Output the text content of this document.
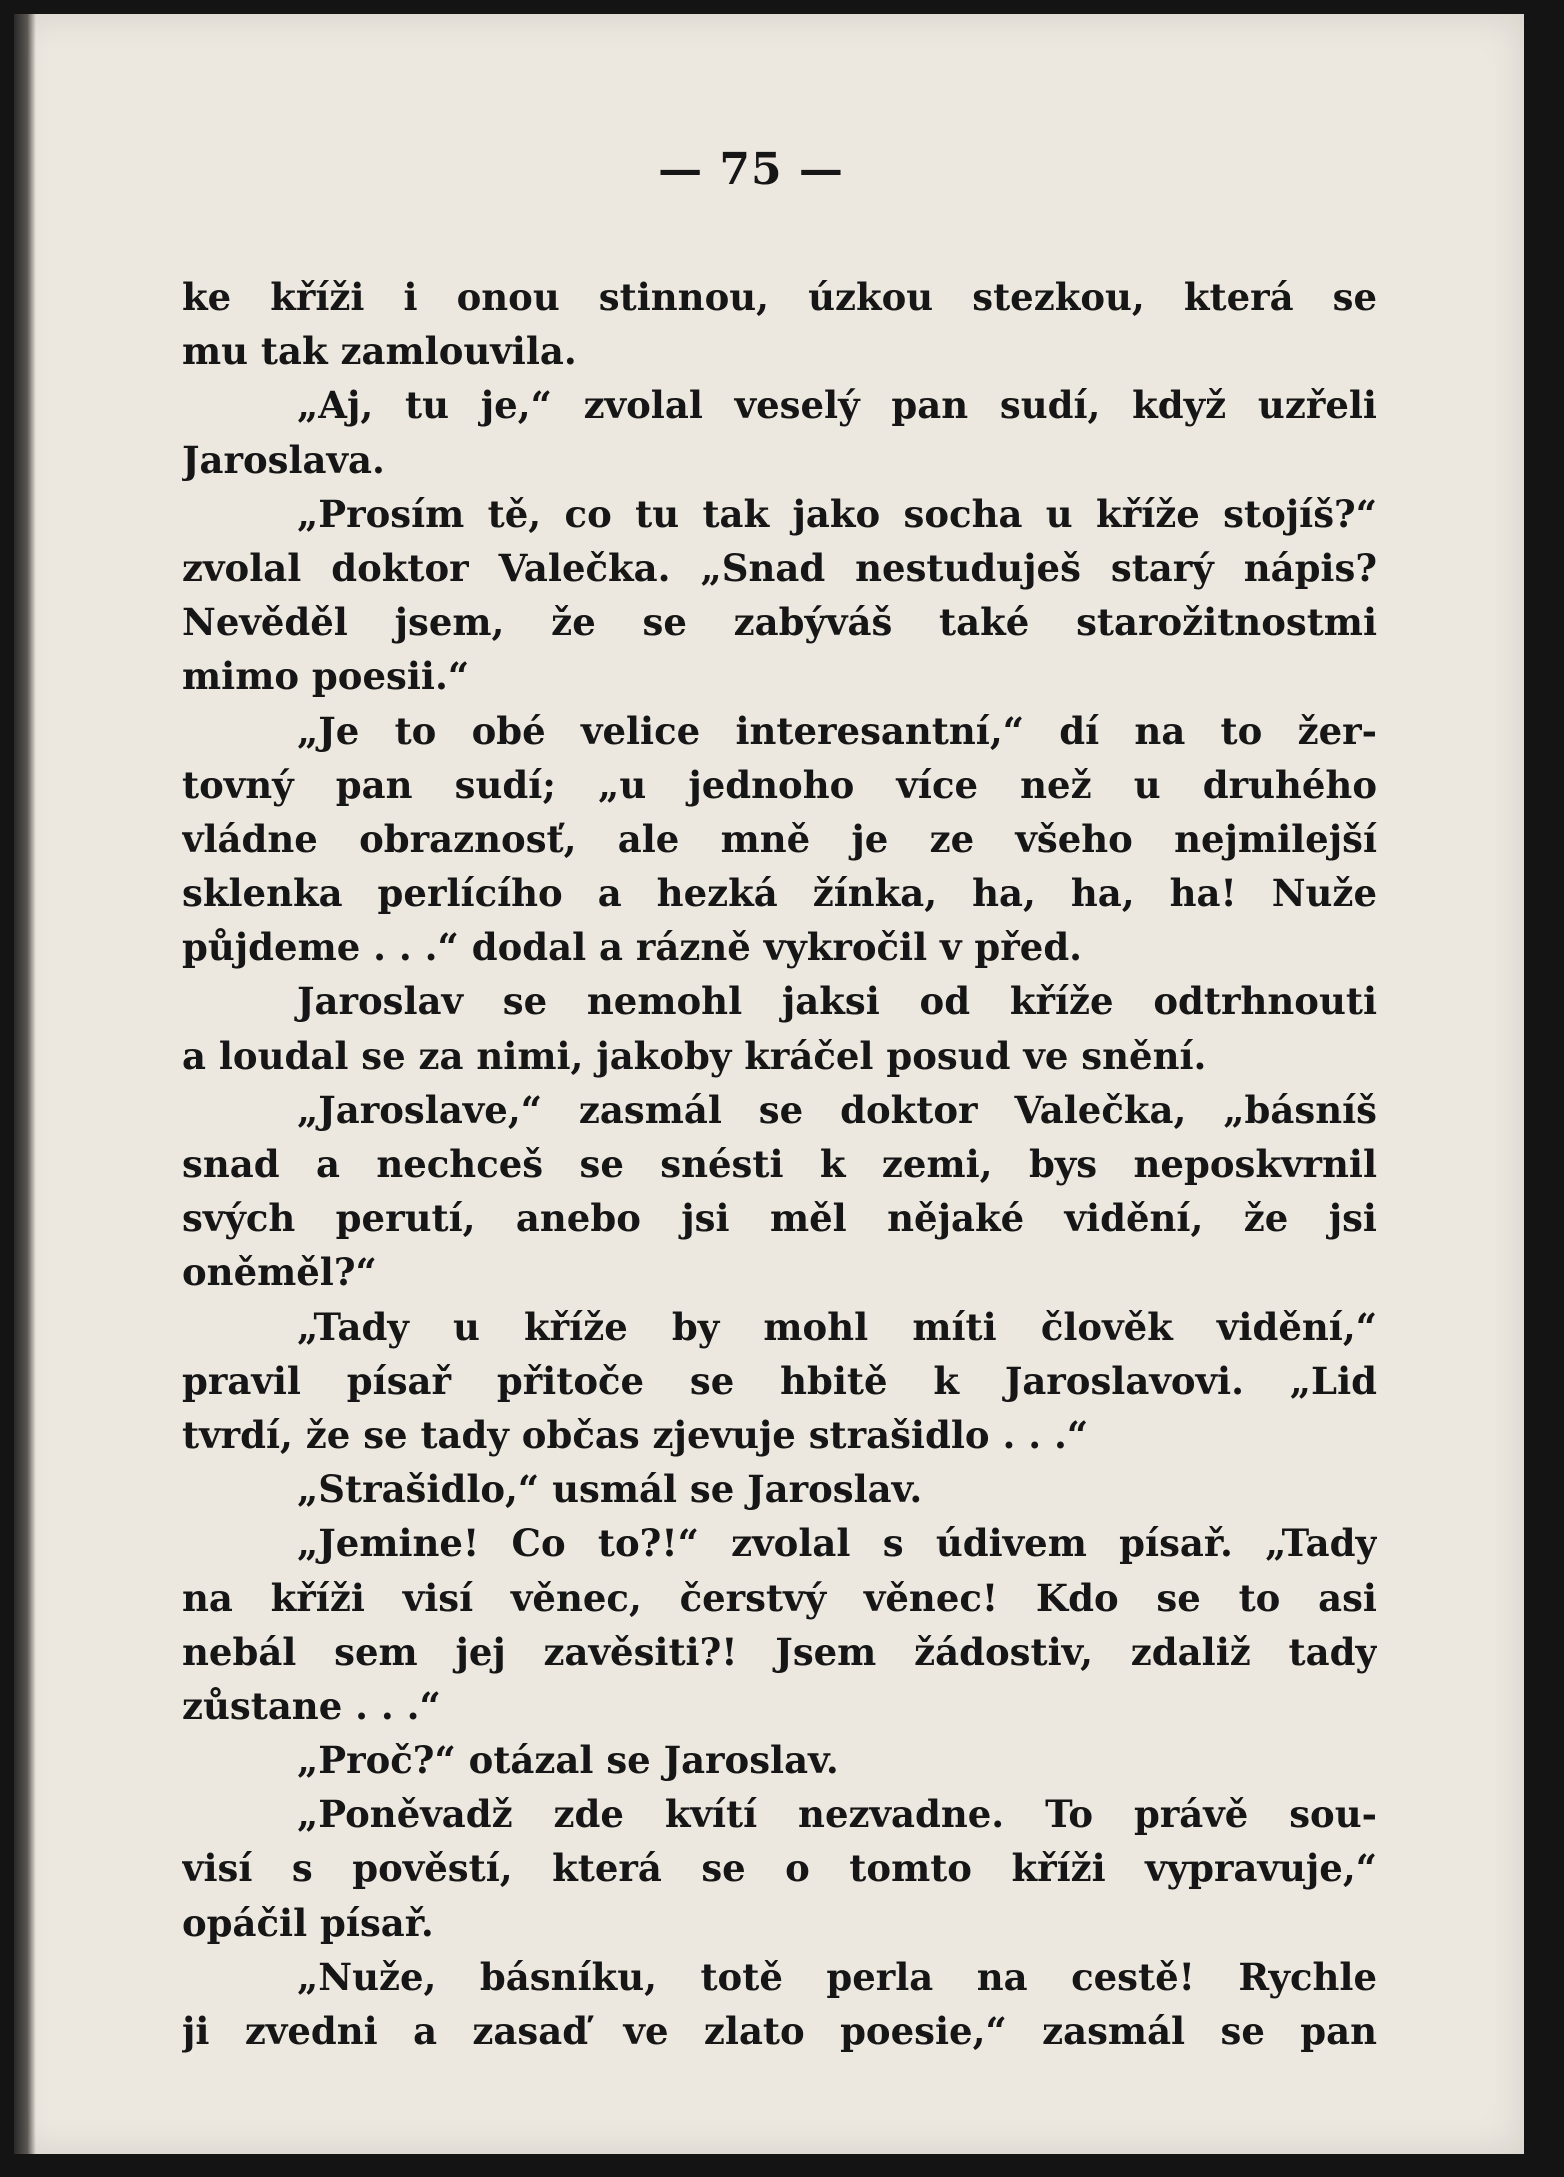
— 75 —
ke kříži i onou stinnou, úzkou stezkou, která se
mu tak zamlouvila.
„Aj, tu je,“ zvolal veselý pan sudí, když uzřeli
Jaroslava.
„Prosím tě, co tu tak jako socha u kříže stojíš?“
zvolal doktor Valečka. „Snad nestuduješ starý nápis?
Nevěděl jsem, že se zabýváš také starožitnostmi
mimo poesii.“
„Je to obé velice interesantní,“ dí na to žer-
tovný pan sudí; „u jednoho více než u druhého
vládne obraznosť, ale mně je ze všeho nejmilejší
sklenka perlícího a hezká žínka, ha, ha, ha! Nuže
půjdeme . . .“ dodal a rázně vykročil v před.
Jaroslav se nemohl jaksi od kříže odtrhnouti
a loudal se za nimi, jakoby kráčel posud ve snění.
„Jaroslave,“ zasmál se doktor Valečka, „básníš
snad a nechceš se snésti k zemi, bys neposkvrnil
svých perutí, anebo jsi měl nějaké vidění, že jsi
oněměl?“
„Tady u kříže by mohl míti člověk vidění,“
pravil písař přitoče se hbitě k Jaroslavovi. „Lid
tvrdí, že se tady občas zjevuje strašidlo . . .“
„Strašidlo,“ usmál se Jaroslav.
„Jemine! Co to?!“ zvolal s údivem písař. „Tady
na kříži visí věnec, čerstvý věnec! Kdo se to asi
nebál sem jej zavěsiti?! Jsem žádostiv, zdaliž tady
zůstane . . .“
„Proč?“ otázal se Jaroslav.
„Poněvadž zde kvítí nezvadne. To právě sou-
visí s pověstí, která se o tomto kříži vypravuje,“
opáčil písař.
„Nuže, básníku, totě perla na cestě! Rychle
ji zvedni a zasaď ve zlato poesie,“ zasmál se pan
